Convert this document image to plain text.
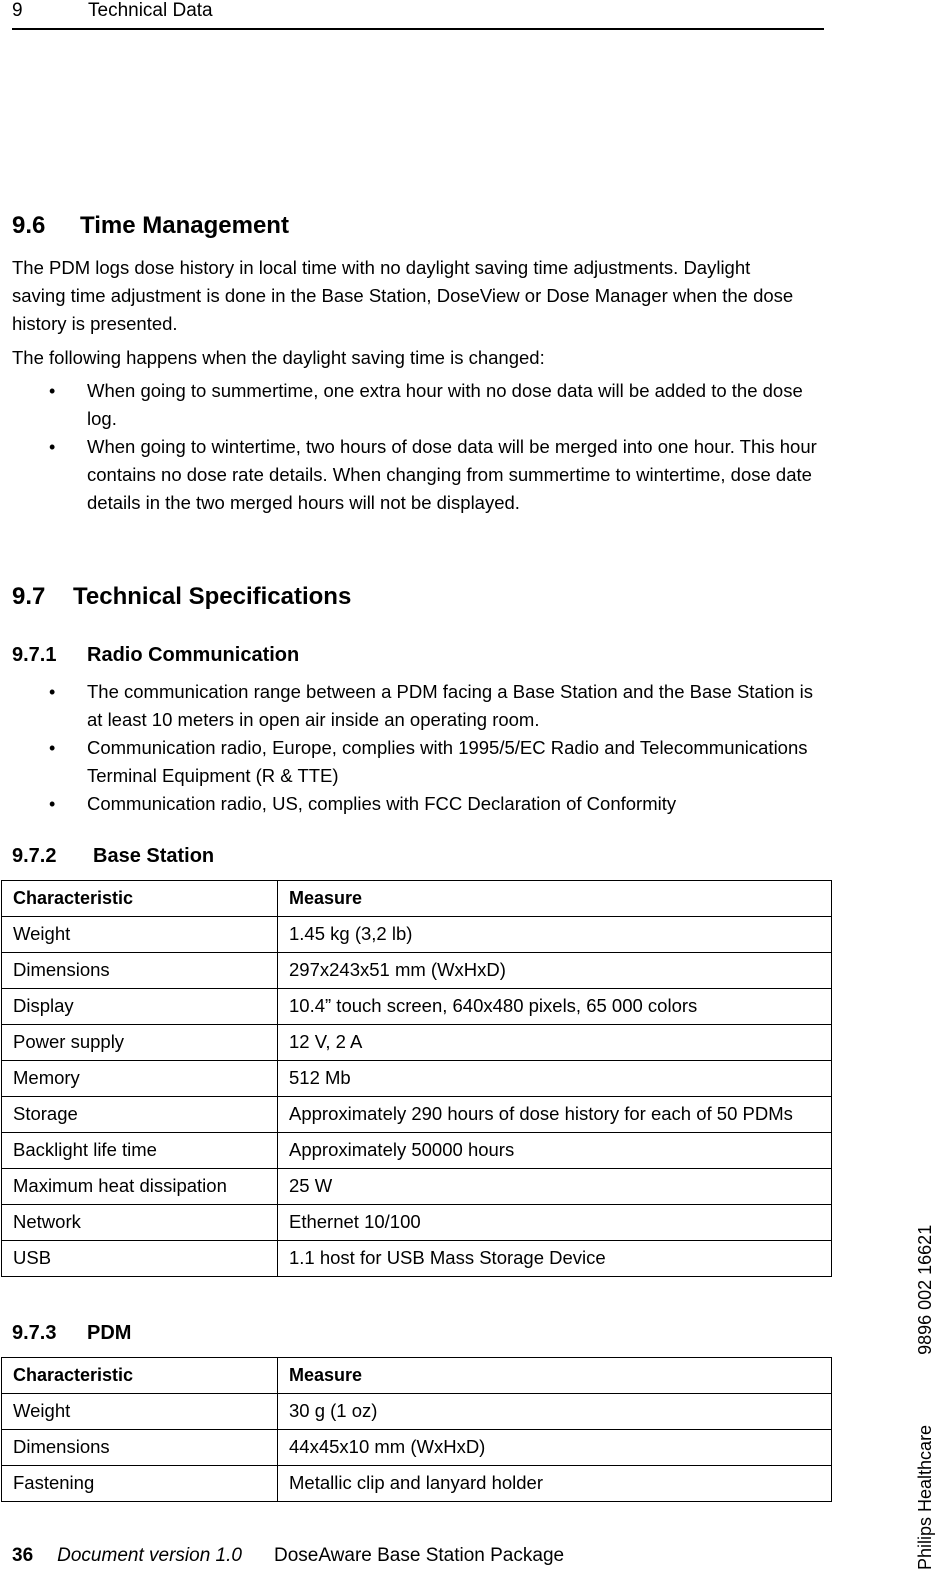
9	Technical Data
9.6 Time Management

The PDM logs dose history in local time with no daylight saving time adjustments. Daylight saving time adjustment is done in the Base Station, DoseView or Dose Manager when the dose history is presented.

The following happens when the daylight saving time is changed:

• When going to summertime, one extra hour with no dose data will be added to the dose log.
• When going to wintertime, two hours of dose data will be merged into one hour. This hour contains no dose rate details. When changing from summertime to wintertime, dose date details in the two merged hours will not be displayed.
9.7 Technical Specifications
9.7.1 Radio Communication
• The communication range between a PDM facing a Base Station and the Base Station is at least 10 meters in open air inside an operating room.
• Communication radio, Europe, complies with 1995/5/EC Radio and Telecommunications Terminal Equipment (R & TTE)
• Communication radio, US, complies with FCC Declaration of Conformity
9.7.2 Base Station
Characteristic	Measure
Weight	1.45 kg (3,2 lb)
Dimensions	297x243x51 mm (WxHxD)
Display	10.4” touch screen, 640x480 pixels, 65 000 colors
Power supply	12 V, 2 A
Memory	512 Mb
Storage	Approximately 290 hours of dose history for each of 50 PDMs
Backlight life time	Approximately 50000 hours
Maximum heat dissipation	25 W
Network	Ethernet 10/100
USB	1.1 host for USB Mass Storage Device
9.7.3 PDM
Characteristic	Measure
Weight	30 g (1 oz)
Dimensions	44x45x10 mm (WxHxD)
Fastening	Metallic clip and lanyard holder
36 Document version 1.0 DoseAware Base Station Package	Philips Healthcare9896 002 16621
